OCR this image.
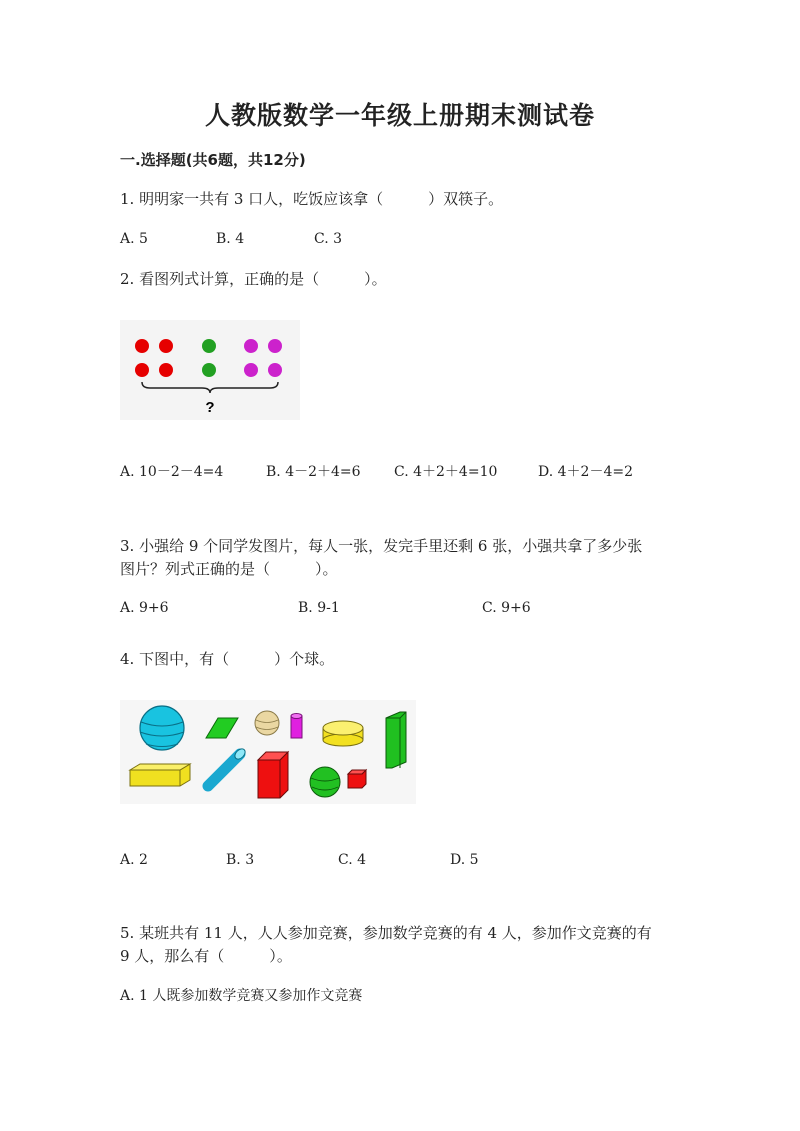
人教版数学一年级上册期末测试卷
一.选择题(共6题，共12分)
1. 明明家一共有 3 口人，吃饭应该拿（　　　）双筷子。
A. 5	B. 4	C. 3
2. 看图列式计算，正确的是（　　　）。
?
A. 10－2－4=4	B. 4－2＋4=6 C. 4＋2＋4=10	D. 4＋2－4=2
3. 小强给 9 个同学发图片，每人一张，发完手里还剩 6 张，小强共拿了多少张
图片？列式正确的是（　　　）。
A. 9+6	B. 9-1	C. 9+6
4. 下图中，有（　　　）个球。
A. 2	B. 3	C. 4	D. 5
5. 某班共有 11 人，人人参加竞赛，参加数学竞赛的有 4 人，参加作文竞赛的有
9 人，那么有（　　　）。
A. 1 人既参加数学竞赛又参加作文竞赛
